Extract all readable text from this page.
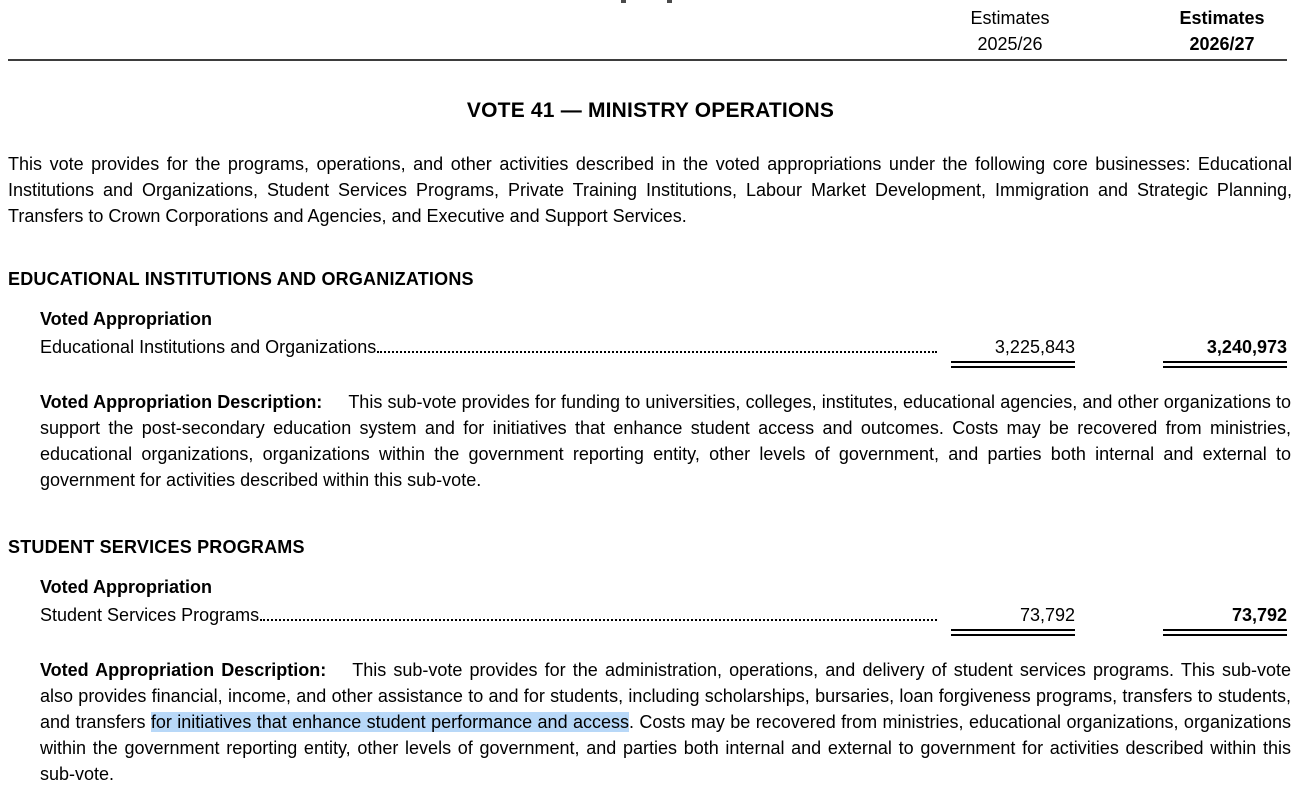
Estimates
2025/26
Estimates
2026/27
VOTE 41 — MINISTRY OPERATIONS

This vote provides for the programs, operations, and other activities described in the voted appropriations under the following core businesses: Educational Institutions and Organizations, Student Services Programs, Private Training Institutions, Labour Market Development, Immigration and Strategic Planning, Transfers to Crown Corporations and Agencies, and Executive and Support Services.

EDUCATIONAL INSTITUTIONS AND ORGANIZATIONS
Voted Appropriation
Educational Institutions and Organizations	3,225,843	3,240,973

Voted Appropriation Description: This sub-vote provides for funding to universities, colleges, institutes, educational agencies, and other organizations to support the post-secondary education system and for initiatives that enhance student access and outcomes. Costs may be recovered from ministries, educational organizations, organizations within the government reporting entity, other levels of government, and parties both internal and external to government for activities described within this sub-vote.

STUDENT SERVICES PROGRAMS
Voted Appropriation
Student Services Programs	73,792	73,792

Voted Appropriation Description: This sub-vote provides for the administration, operations, and delivery of student services programs. This sub-vote also provides financial, income, and other assistance to and for students, including scholarships, bursaries, loan forgiveness programs, transfers to students, and transfers for initiatives that enhance student performance and access. Costs may be recovered from ministries, educational organizations, organizations within the government reporting entity, other levels of government, and parties both internal and external to government for activities described within this sub-vote.
